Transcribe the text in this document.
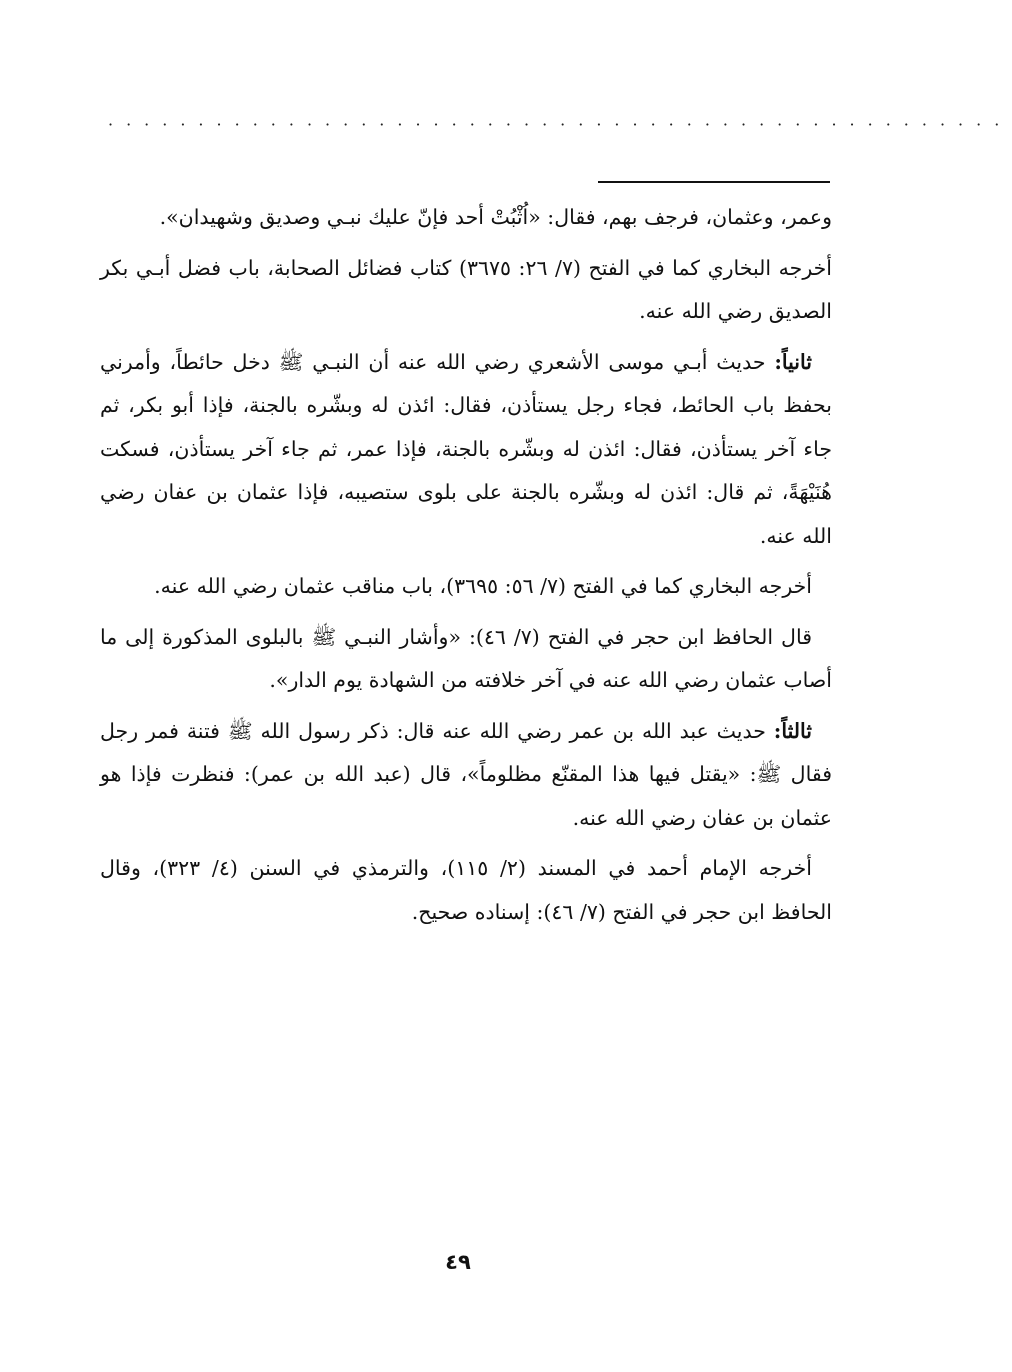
··················································

وعمر، وعثمان، فرجف بهم، فقال: «اُثْبُتْ أحد فإنّ عليك نبـي وصديق وشهيدان».

أخرجه البخاري كما في الفتح (٧/ ٢٦: ٣٦٧٥) كتاب فضائل الصحابة، باب فضل أبـي بكر الصديق رضي الله عنه.

ثانياً: حديث أبـي موسى الأشعري رضي الله عنه أن النبـي ﷺ دخل حائطاً، وأمرني بحفظ باب الحائط، فجاء رجل يستأذن، فقال: ائذن له وبشّره بالجنة، فإذا أبو بكر، ثم جاء آخر يستأذن، فقال: ائذن له وبشّره بالجنة، فإذا عمر، ثم جاء آخر يستأذن، فسكت هُنَيْهَةً، ثم قال: ائذن له وبشّره بالجنة على بلوى ستصيبه، فإذا عثمان بن عفان رضي الله عنه.

أخرجه البخاري كما في الفتح (٧/ ٥٦: ٣٦٩٥)، باب مناقب عثمان رضي الله عنه.

قال الحافظ ابن حجر في الفتح (٧/ ٤٦): «وأشار النبـي ﷺ بالبلوى المذكورة إلى ما أصاب عثمان رضي الله عنه في آخر خلافته من الشهادة يوم الدار».

ثالثاً: حديث عبد الله بن عمر رضي الله عنه قال: ذكر رسول الله ﷺ فتنة فمر رجل فقال ﷺ: «يقتل فيها هذا المقنّع مظلوماً»، قال (عبد الله بن عمر): فنظرت فإذا هو عثمان بن عفان رضي الله عنه.

أخرجه الإمام أحمد في المسند (٢/ ١١٥)، والترمذي في السنن (٤/ ٣٢٣)، وقال الحافظ ابن حجر في الفتح (٧/ ٤٦): إسناده صحيح.

٤٩
